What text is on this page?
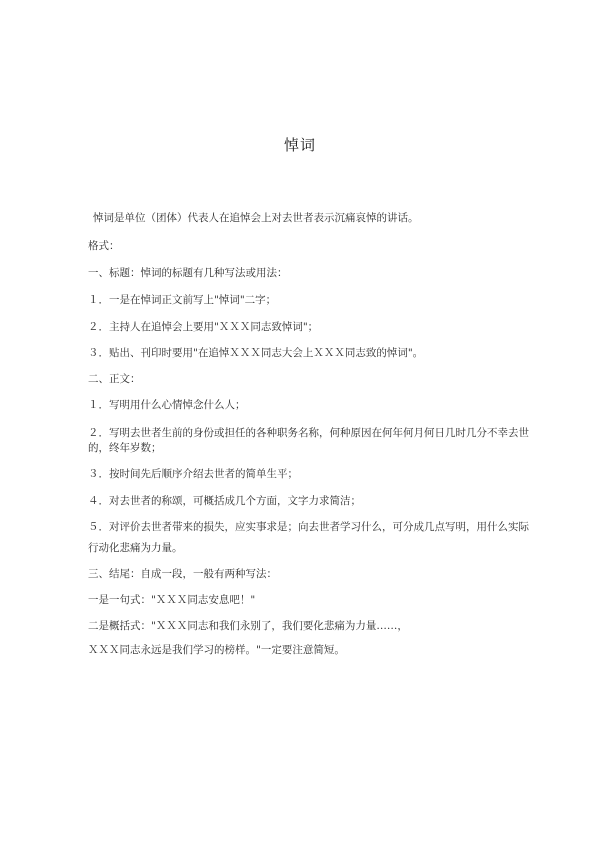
悼词
悼词是单位（团体）代表人在追悼会上对去世者表示沉痛哀悼的讲话。
格式：
一、标题：悼词的标题有几种写法或用法：
１．一是在悼词正文前写上"悼词"二字；
２．主持人在追悼会上要用"ＸＸＸ同志致悼词"；
３．贴出、刊印时要用"在追悼ＸＸＸ同志大会上ＸＸＸ同志致的悼词"。
二、正文：
１．写明用什么心情悼念什么人；
２．写明去世者生前的身份或担任的各种职务名称，何种原因在何年何月何日几时几分不幸去世
的，终年岁数；
３．按时间先后顺序介绍去世者的简单生平；
４．对去世者的称颂，可概括成几个方面，文字力求简洁；
５．对评价去世者带来的损失，应实事求是；向去世者学习什么，可分成几点写明，用什么实际
行动化悲痛为力量。
三、结尾：自成一段，一般有两种写法：
一是一句式："ＸＸＸ同志安息吧！"
二是概括式："ＸＸＸ同志和我们永别了，我们要化悲痛为力量……，
ＸＸＸ同志永远是我们学习的榜样。"一定要注意简短。
